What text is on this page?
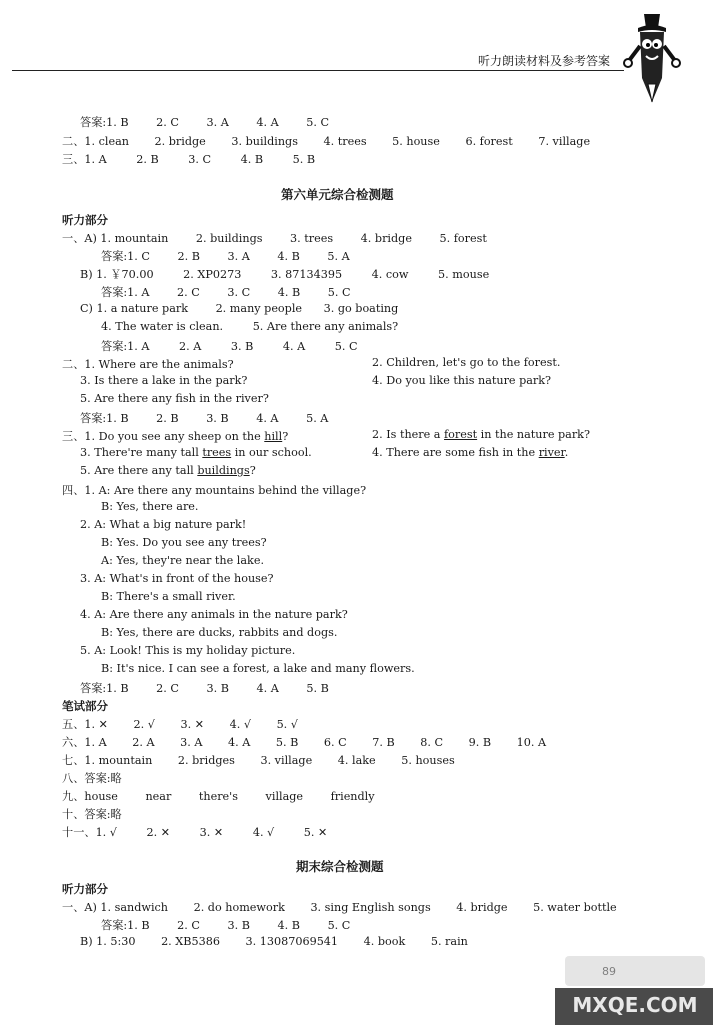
听力朗读材料及参考答案
答案:1. B 2. C 3. A 4. A 5. C
二、1. clean 2. bridge 3. buildings 4. trees 5. house 6. forest 7. village
三、1. A	2. B	3. C	4. B	5. B
第六单元综合检测题
听力部分
一、A) 1. mountain 2. buildings 3. trees 4. bridge 5. forest
答案:1. C 2. B 3. A 4. B 5. A
B) 1. ￥70.00	2. XP0273	3. 87134395	4. cow	5. mouse
答案:1. A 2. C 3. C 4. B 5. C
C) 1. a nature park 2. many people 3. go boating
4. The water is clean.	5. Are there any animals?
答案:1. A	2. A	3. B	4. A	5. C
二、1. Where are the animals?	2. Children, let's go to the forest.
3. Is there a lake in the park?	4. Do you like this nature park?
5. Are there any fish in the river?
答案:1. B 2. B 3. B 4. A 5. A
三、1. Do you see any sheep on the hill?	2. Is there a forest in the nature park?
3. There're many tall trees in our school.	4. There are some fish in the river.
5. Are there any tall buildings?
四、1. A: Are there any mountains behind the village?
B: Yes, there are.
2. A: What a big nature park!
B: Yes. Do you see any trees?
A: Yes, they're near the lake.
3. A: What's in front of the house?
B: There's a small river.
4. A: Are there any animals in the nature park?
B: Yes, there are ducks, rabbits and dogs.
5. A: Look! This is my holiday picture.
B: It's nice. I can see a forest, a lake and many flowers.
答案:1. B 2. C 3. B 4. A 5. B
笔试部分
五、1. ✕ 2. √ 3. ✕ 4. √ 5. √
六、1. A 2. A 3. A 4. A 5. B 6. C 7. B 8. C 9. B 10. A
七、1. mountain 2. bridges 3. village 4. lake 5. houses
八、答案:略
九、house near there's village friendly
十、答案:略
十一、1. √	2. ✕	3. ✕	4. √	5. ✕
期末综合检测题
听力部分
一、A) 1. sandwich 2. do homework 3. sing English songs 4. bridge 5. water bottle
答案:1. B 2. C 3. B 4. B 5. C
B) 1. 5:30 2. XB5386 3. 13087069541 4. book 5. rain
MXQE.COM
